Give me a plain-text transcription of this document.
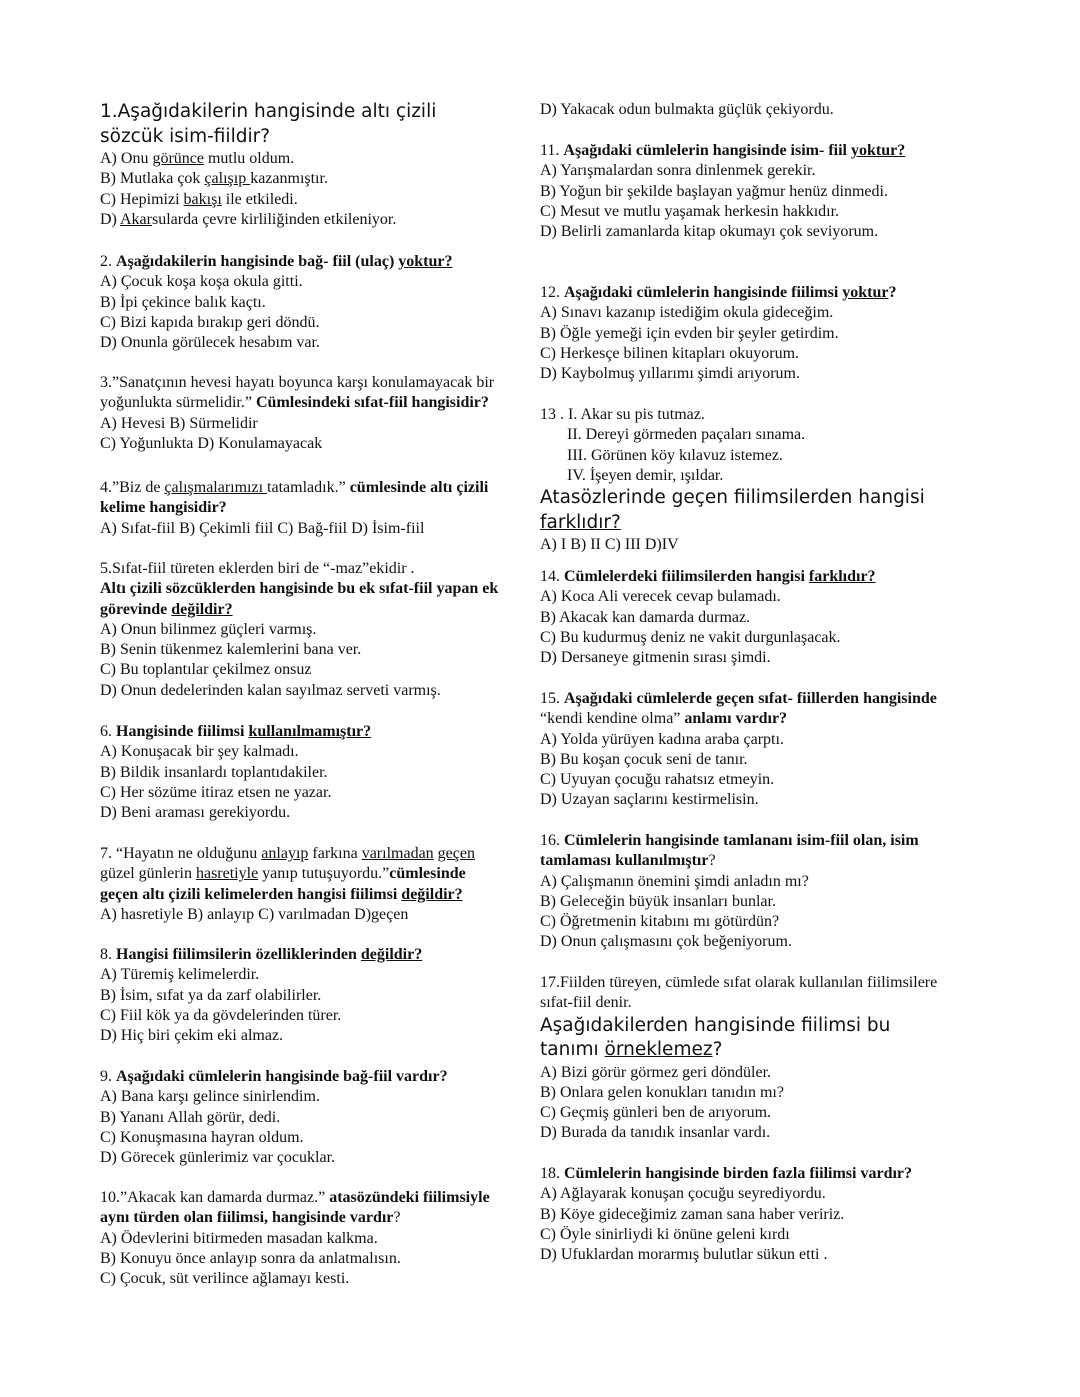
1.Aşağıdakilerin hangisinde altı çizili
sözcük isim-fiildir?
A) Onu görünce mutlu oldum.
B) Mutlaka çok çalışıp kazanmıştır.
C) Hepimizi bakışı ile etkiledi.
D) Akarsularda çevre kirliliğinden etkileniyor.
2. Aşağıdakilerin hangisinde bağ- fiil (ulaç) yoktur?
A) Çocuk koşa koşa okula gitti.
B) İpi çekince balık kaçtı.
C) Bizi kapıda bırakıp geri döndü.
D) Onunla görülecek hesabım var.
3.”Sanatçının hevesi hayatı boyunca karşı konulamayacak bir
yoğunlukta sürmelidir.” Cümlesindeki sıfat-fiil hangisidir?
A) Hevesi B) Sürmelidir
C) Yoğunlukta D) Konulamayacak
4.”Biz de çalışmalarımızı tatamladık.” cümlesinde altı çizili
kelime hangisidir?
A) Sıfat-fiil B) Çekimli fiil C) Bağ-fiil D) İsim-fiil
5.Sıfat-fiil türeten eklerden biri de “-maz”ekidir .
Altı çizili sözcüklerden hangisinde bu ek sıfat-fiil yapan ek
görevinde değildir?
A) Onun bilinmez güçleri varmış.
B) Senin tükenmez kalemlerini bana ver.
C) Bu toplantılar çekilmez onsuz
D) Onun dedelerinden kalan sayılmaz serveti varmış.
6. Hangisinde fiilimsi kullanılmamıştır?
A) Konuşacak bir şey kalmadı.
B) Bildik insanlardı toplantıdakiler.
C) Her sözüme itiraz etsen ne yazar.
D) Beni araması gerekiyordu.
7. “Hayatın ne olduğunu anlayıp farkına varılmadan geçen
güzel günlerin hasretiyle yanıp tutuşuyordu.”cümlesinde
geçen altı çizili kelimelerden hangisi fiilimsi değildir?
A) hasretiyle B) anlayıp C) varılmadan D)geçen
8. Hangisi fiilimsilerin özelliklerinden değildir?
A) Türemiş kelimelerdir.
B) İsim, sıfat ya da zarf olabilirler.
C) Fiil kök ya da gövdelerinden türer.
D) Hiç biri çekim eki almaz.
9. Aşağıdaki cümlelerin hangisinde bağ-fiil vardır?
A) Bana karşı gelince sinirlendim.
B) Yananı Allah görür, dedi.
C) Konuşmasına hayran oldum.
D) Görecek günlerimiz var çocuklar.
10.”Akacak kan damarda durmaz.” atasözündeki fiilimsiyle
aynı türden olan fiilimsi, hangisinde vardır?
A) Ödevlerini bitirmeden masadan kalkma.
B) Konuyu önce anlayıp sonra da anlatmalısın.
C) Çocuk, süt verilince ağlamayı kesti.
D) Yakacak odun bulmakta güçlük çekiyordu.
11. Aşağıdaki cümlelerin hangisinde isim- fiil yoktur?
A) Yarışmalardan sonra dinlenmek gerekir.
B) Yoğun bir şekilde başlayan yağmur henüz dinmedi.
C) Mesut ve mutlu yaşamak herkesin hakkıdır.
D) Belirli zamanlarda kitap okumayı çok seviyorum.
12. Aşağıdaki cümlelerin hangisinde fiilimsi yoktur?
A) Sınavı kazanıp istediğim okula gideceğim.
B) Öğle yemeği için evden bir şeyler getirdim.
C) Herkesçe bilinen kitapları okuyorum.
D) Kaybolmuş yıllarımı şimdi arıyorum.
13 . I. Akar su pis tutmaz.
II. Dereyi görmeden paçaları sınama.
III. Görünen köy kılavuz istemez.
IV. İşeyen demir, ışıldar.
Atasözlerinde geçen fiilimsilerden hangisi
farklıdır?
A) I B) II C) III D)IV
14. Cümlelerdeki fiilimsilerden hangisi farklıdır?
A) Koca Ali verecek cevap bulamadı.
B) Akacak kan damarda durmaz.
C) Bu kudurmuş deniz ne vakit durgunlaşacak.
D) Dersaneye gitmenin sırası şimdi.
15. Aşağıdaki cümlelerde geçen sıfat- fiillerden hangisinde
“kendi kendine olma” anlamı vardır?
A) Yolda yürüyen kadına araba çarptı.
B) Bu koşan çocuk seni de tanır.
C) Uyuyan çocuğu rahatsız etmeyin.
D) Uzayan saçlarını kestirmelisin.
16. Cümlelerin hangisinde tamlananı isim-fiil olan, isim
tamlaması kullanılmıştır?
A) Çalışmanın önemini şimdi anladın mı?
B) Geleceğin büyük insanları bunlar.
C) Öğretmenin kitabını mı götürdün?
D) Onun çalışmasını çok beğeniyorum.
17.Fiilden türeyen, cümlede sıfat olarak kullanılan fiilimsilere
sıfat-fiil denir.
Aşağıdakilerden hangisinde fiilimsi bu
tanımı örneklemez?
A) Bizi görür görmez geri döndüler.
B) Onlara gelen konukları tanıdın mı?
C) Geçmiş günleri ben de arıyorum.
D) Burada da tanıdık insanlar vardı.
18. Cümlelerin hangisinde birden fazla fiilimsi vardır?
A) Ağlayarak konuşan çocuğu seyrediyordu.
B) Köye gideceğimiz zaman sana haber veririz.
C) Öyle sinirliydi ki önüne geleni kırdı
D) Ufuklardan morarmış bulutlar sükun etti .
